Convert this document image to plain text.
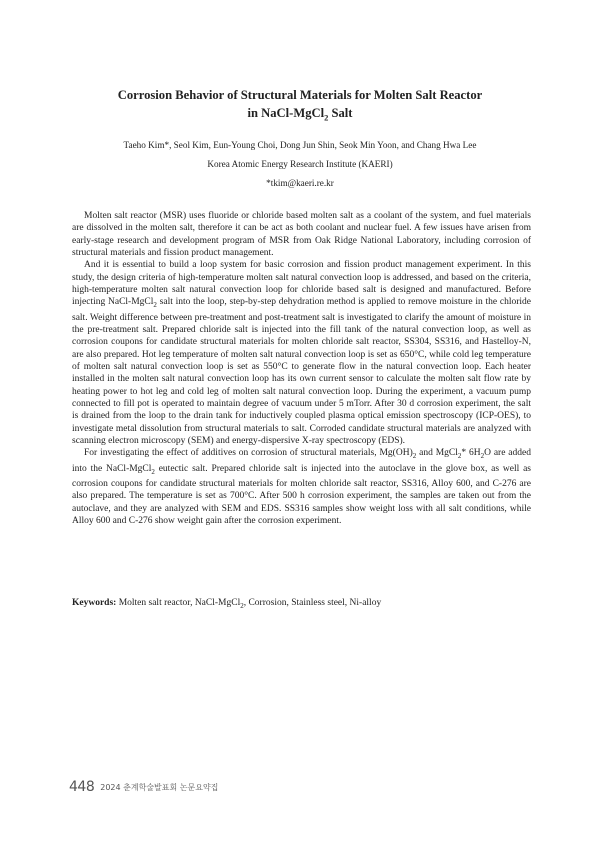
Corrosion Behavior of Structural Materials for Molten Salt Reactor
in NaCl-MgCl$_2$ Salt
Taeho Kim*, Seol Kim, Eun-Young Choi, Dong Jun Shin, Seok Min Yoon, and Chang Hwa Lee
Korea Atomic Energy Research Institute (KAERI)
*tkim@kaeri.re.kr

Molten salt reactor (MSR) uses fluoride or chloride based molten salt as a coolant of the system, and fuel materials are dissolved in the molten salt, therefore it can be act as both coolant and nuclear fuel. A few issues have arisen from early-stage research and development program of MSR from Oak Ridge National Laboratory, including corrosion of structural materials and fission product management.

And it is essential to build a loop system for basic corrosion and fission product management experiment. In this study, the design criteria of high-temperature molten salt natural convection loop is addressed, and based on the criteria, high-temperature molten salt natural convection loop for chloride based salt is designed and manufactured. Before injecting NaCl-MgCl$_2$ salt into the loop, step-by-step dehydration method is applied to remove moisture in the chloride salt. Weight difference between pre-treatment and post-treatment salt is investigated to clarify the amount of moisture in the pre-treatment salt. Prepared chloride salt is injected into the fill tank of the natural convection loop, as well as corrosion coupons for candidate structural materials for molten chloride salt reactor, SS304, SS316, and Hastelloy-N, are also prepared. Hot leg temperature of molten salt natural convection loop is set as 650°C, while cold leg temperature of molten salt natural convection loop is set as 550°C to generate flow in the natural convection loop. Each heater installed in the molten salt natural convection loop has its own current sensor to calculate the molten salt flow rate by heating power to hot leg and cold leg of molten salt natural convection loop. During the experiment, a vacuum pump connected to fill pot is operated to maintain degree of vacuum under 5 mTorr. After 30 d corrosion experiment, the salt is drained from the loop to the drain tank for inductively coupled plasma optical emission spectroscopy (ICP-OES), to investigate metal dissolution from structural materials to salt. Corroded candidate structural materials are analyzed with scanning electron microscopy (SEM) and energy-dispersive X-ray spectroscopy (EDS).

For investigating the effect of additives on corrosion of structural materials, $Mg(OH)_2$ and MgCl$_2$* $6H_2O$ are added into the NaCl-MgCl$_2$ eutectic salt. Prepared chloride salt is injected into the autoclave in the glove box, as well as corrosion coupons for candidate structural materials for molten chloride salt reactor, SS316, Alloy 600, and C-276 are also prepared. The temperature is set as 700°C. After 500 h corrosion experiment, the samples are taken out from the autoclave, and they are analyzed with SEM and EDS. SS316 samples show weight loss with all salt conditions, while Alloy 600 and C-276 show weight gain after the corrosion experiment.

Keywords: Molten salt reactor, NaCl-MgCl$_2$, Corrosion, Stainless steel, Ni-alloy
448 2024 춘계학술발표회 논문요약집
